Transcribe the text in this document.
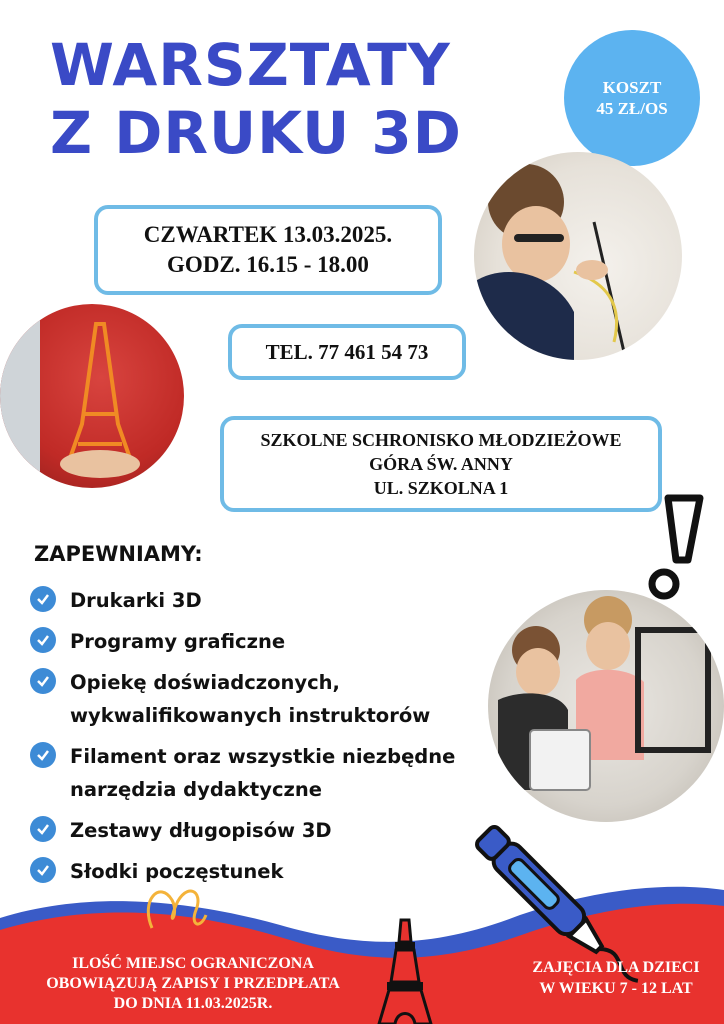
WARSZTATY
Z DRUKU 3D
KOSZT
45 ZŁ/OS
CZWARTEK 13.03.2025.
GODZ. 16.15 - 18.00
TEL. 77 461 54 73
SZKOLNE SCHRONISKO MŁODZIEŻOWE
GÓRA ŚW. ANNY
UL. SZKOLNA 1
ZAPEWNIAMY:
Drukarki 3D
Programy graficzne
Opiekę doświadczonych,
wykwalifikowanych instruktorów
Filament oraz wszystkie niezbędne
narzędzia dydaktyczne
Zestawy długopisów 3D
Słodki poczęstunek
ILOŚĆ MIEJSC OGRANICZONA
OBOWIĄZUJĄ ZAPISY I PRZEDPŁATA
DO DNIA 11.03.2025R.
ZAJĘCIA DLA DZIECI
W WIEKU 7 - 12 LAT
